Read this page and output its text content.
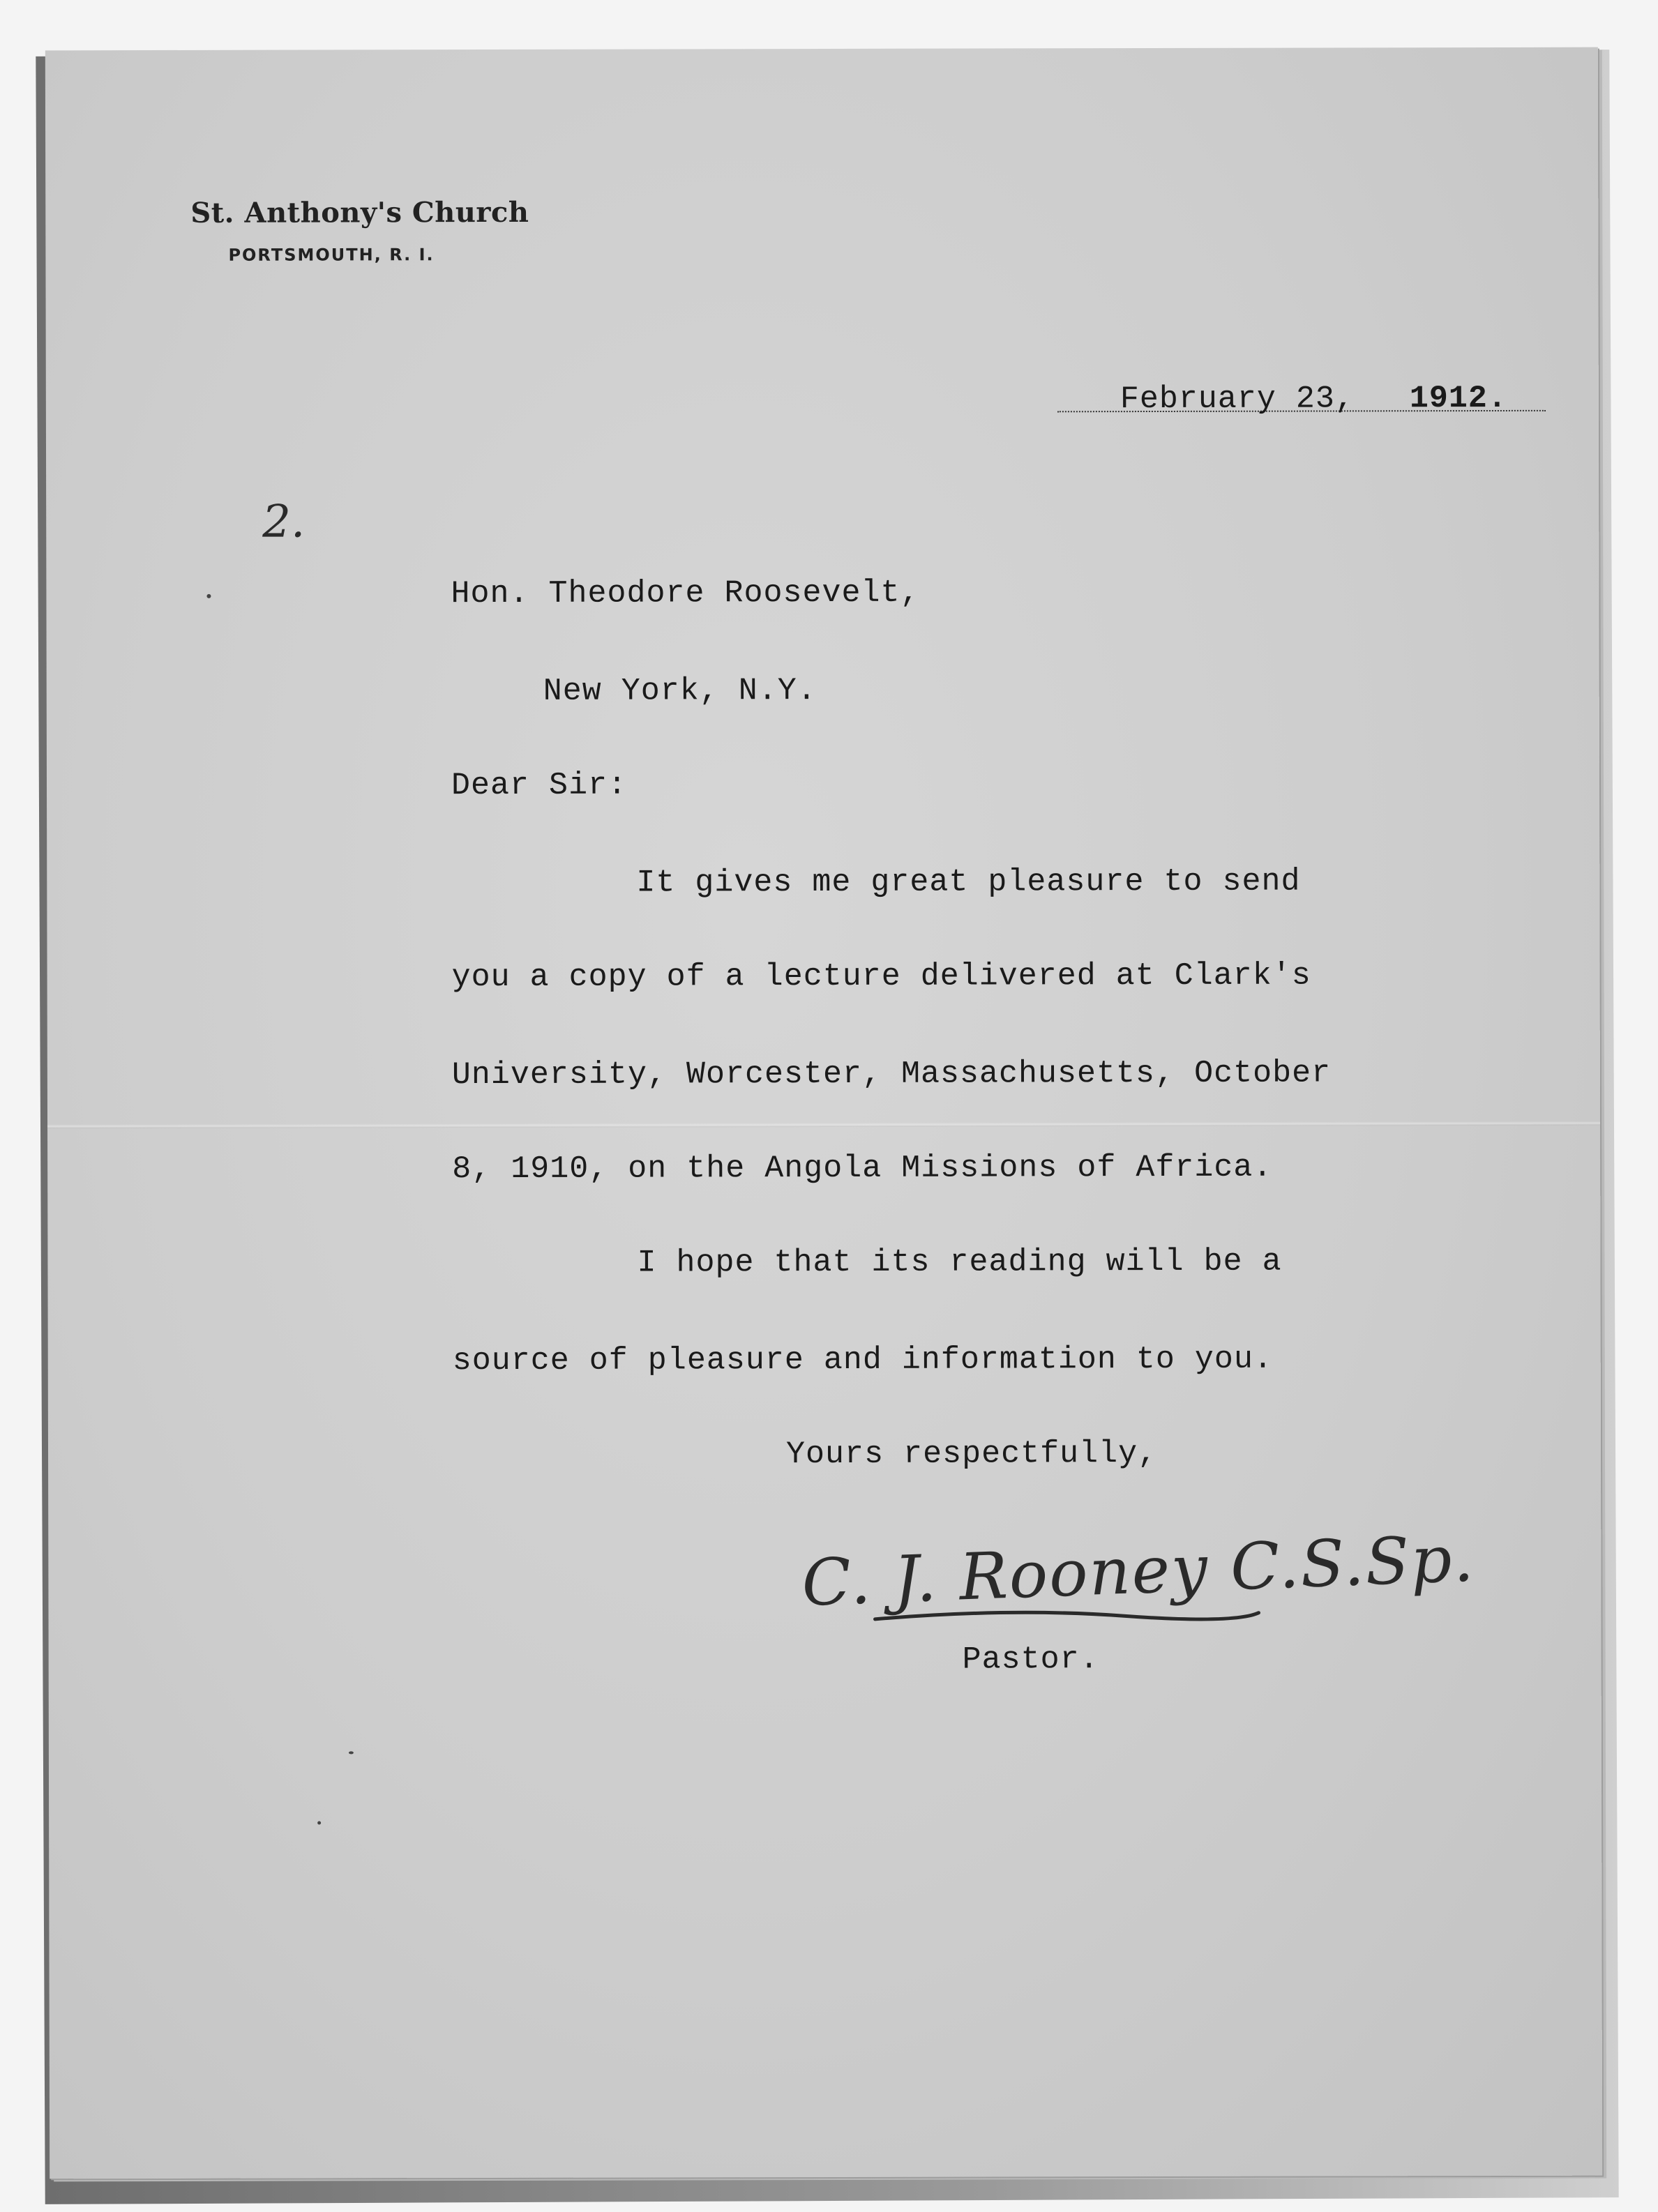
St. Anthony's Church
PORTSMOUTH, R. I.
February 23, 1912.
2.
Hon. Theodore Roosevelt,
New York, N.Y.
Dear Sir:
It gives me great pleasure to send
you a copy of a lecture delivered at Clark's
University, Worcester, Massachusetts, October
8, 1910, on the Angola Missions of Africa.
I hope that its reading will be a
source of pleasure and information to you.
Yours respectfully,
C. J. Rooney C.S.Sp.
Pastor.
